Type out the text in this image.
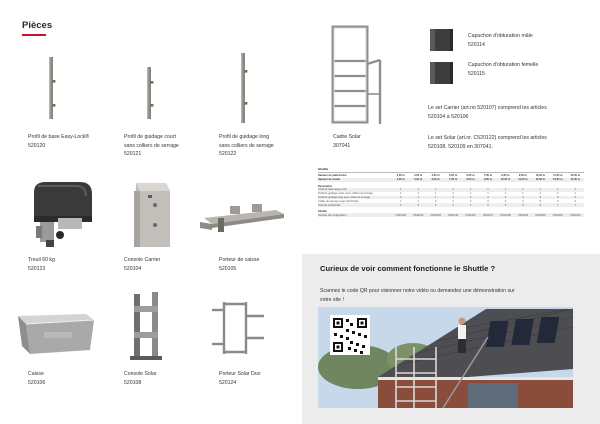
Pièces
Profil de base Easy-Lock®
520120
Profil de guidage court
sans colliers de serrage
520121
Profil de guidage long
sans colliers de serrage
520122
Cadre Solar
307041
Capuchon d'obturation mâle
520114
Capuchon d'obturation femelle
520115
Le set Carrier (art.no 520107) comprend les articles
520104 à 520106
Le set Solar (art.nr. C520122) comprend les articles
520108, 520109 en 307041.
Treuil 60 kg
520123
Console Carrier
520104
Porteur de caisse
520105
Caisse
520106
Console Solar
520108
Porteur Solar Duo
520124
Shuttle
Hauteur de plate-forme	2,05 m	3,05 m	4,05 m	5,05 m	6,05 m	7,05 m	8,05 m	9,05 m	10,05 m	11,05 m	12,05 m
Hauteur de travail	4,05 m	5,05 m	6,05 m	7,05 m	8,05 m	9,05 m	10,05 m	11,05 m	12,05 m	13,05 m	14,05 m
Description
Profil de base Easy-Lock	1	1	1	1	1	1	1	1	1	1	1
Profil de guidage court, avec colliers de serrage	1	1	1	1	1	1	1	1	1	1	1
Profil de guidage long avec collier de serrage	0	1	1	2	2	3	3	4	4	5	5
Collier de serrage supp./rail Shuttle	1	1	2	2	3	3	4	4	5	5	6
Total de profils/rails	2	3	3	4	4	5	5	6	6	7	7
Shuttle
Nombre de configuration	C520105	C520115	C520106	C520116	C520107	C520117	C520108	C520118	C520109	C520119	C520110
Curieux de voir comment fonctionne le Shuttle ?
Scannez le code QR pour visionner notre vidéo ou demandez une démonstration sur
votre site !
